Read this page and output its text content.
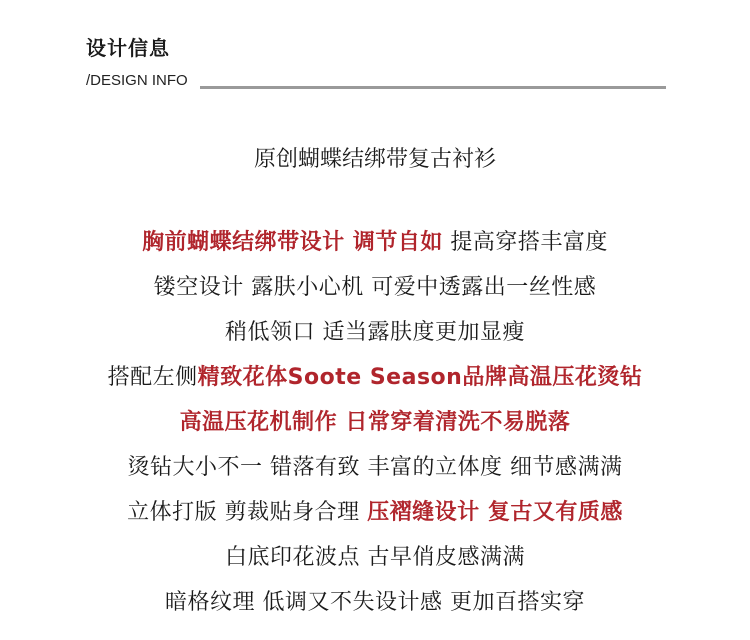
设计信息
/DESIGN INFO
原创蝴蝶结绑带复古衬衫
胸前蝴蝶结绑带设计 调节自如 提高穿搭丰富度
镂空设计 露肤小心机 可爱中透露出一丝性感
稍低领口 适当露肤度更加显瘦
搭配左侧精致花体Soote Season品牌高温压花烫钻
高温压花机制作 日常穿着清洗不易脱落
烫钻大小不一 错落有致 丰富的立体度 细节感满满
立体打版 剪裁贴身合理 压褶缝设计 复古又有质感
白底印花波点 古早俏皮感满满
暗格纹理 低调又不失设计感 更加百搭实穿
